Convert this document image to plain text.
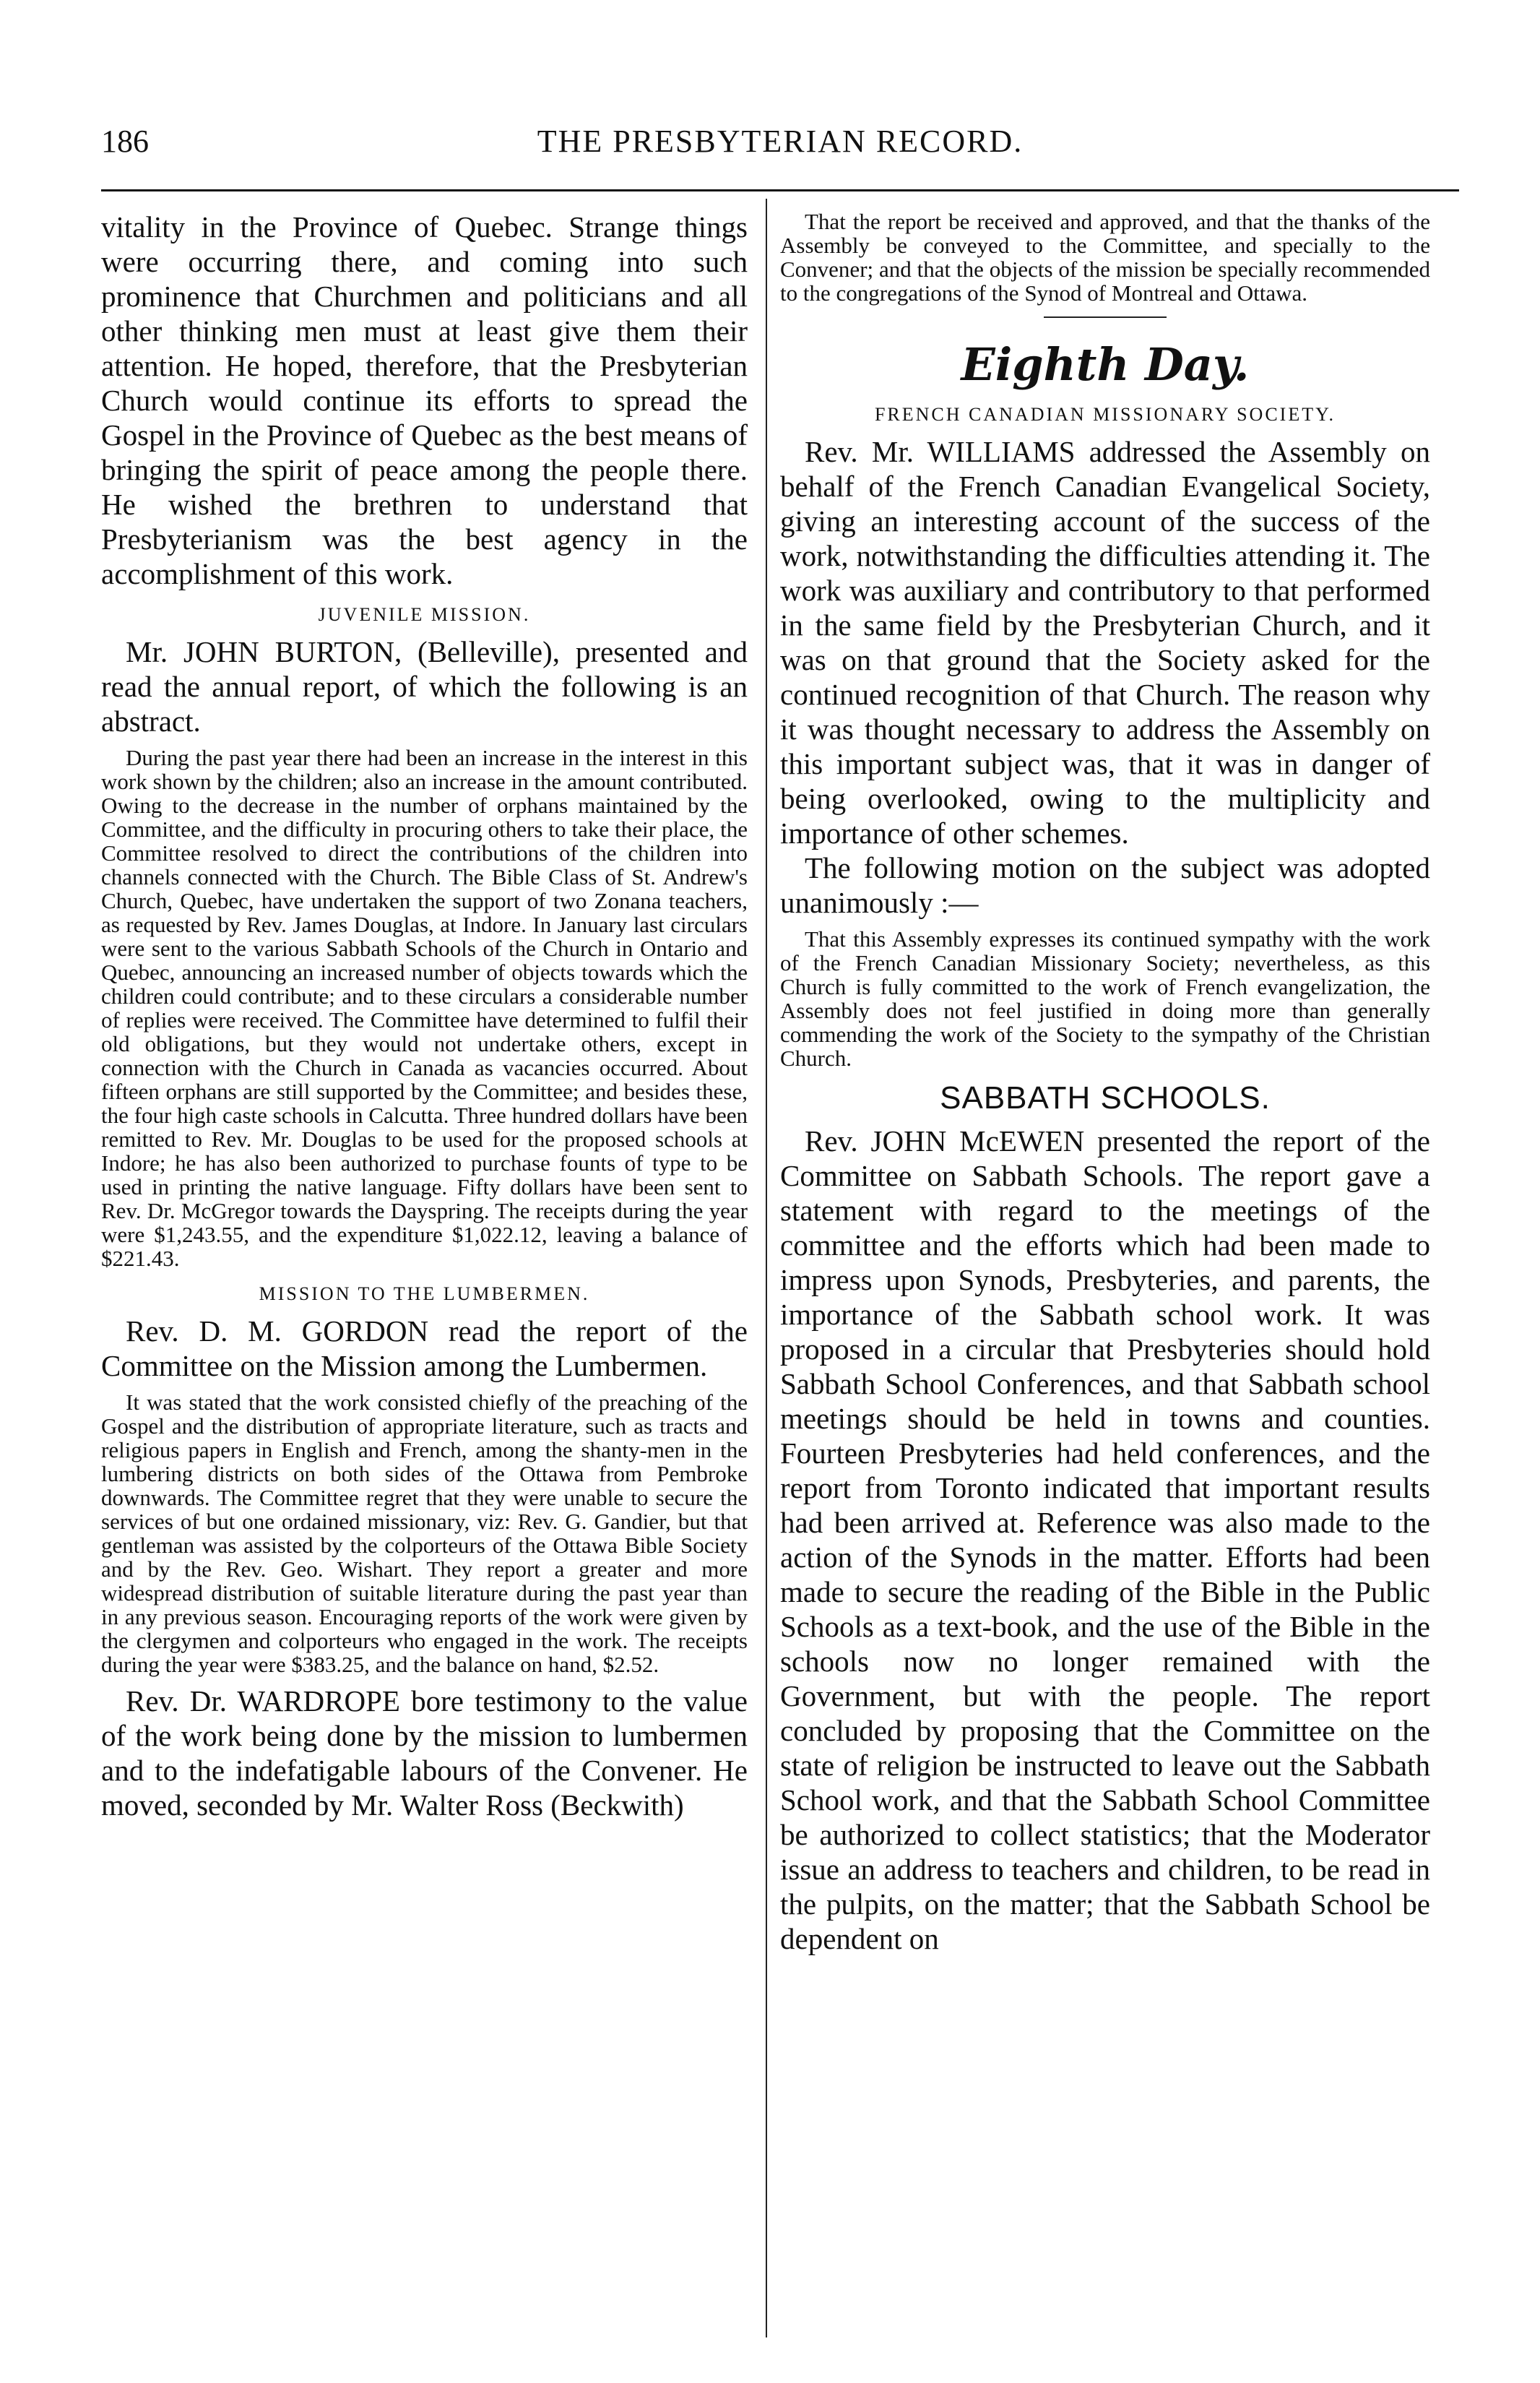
THE PRESBYTERIAN RECORD.
186

vitality in the Province of Quebec. Strange things were occurring there, and coming into such prominence that Churchmen and politicians and all other thinking men must at least give them their attention. He hoped, therefore, that the Presbyterian Church would continue its efforts to spread the Gospel in the Province of Quebec as the best means of bringing the spirit of peace among the people there. He wished the brethren to understand that Presbyterianism was the best agency in the accomplishment of this work.

JUVENILE MISSION.

Mr. JOHN BURTON, (Belleville), presented and read the annual report, of which the following is an abstract.

During the past year there had been an increase in the interest in this work shown by the children; also an increase in the amount contributed. Owing to the decrease in the number of orphans maintained by the Committee, and the difficulty in procuring others to take their place, the Committee resolved to direct the contributions of the children into channels connected with the Church. The Bible Class of St. Andrew's Church, Quebec, have undertaken the support of two Zonana teachers, as requested by Rev. James Douglas, at Indore. In January last circulars were sent to the various Sabbath Schools of the Church in Ontario and Quebec, announcing an increased number of objects towards which the children could contribute; and to these circulars a considerable number of replies were received. The Committee have determined to fulfil their old obligations, but they would not undertake others, except in connection with the Church in Canada as vacancies occurred. About fifteen orphans are still supported by the Committee; and besides these, the four high caste schools in Calcutta. Three hundred dollars have been remitted to Rev. Mr. Douglas to be used for the proposed schools at Indore; he has also been authorized to purchase founts of type to be used in printing the native language. Fifty dollars have been sent to Rev. Dr. McGregor towards the Dayspring. The receipts during the year were $1,243.55, and the expenditure $1,022.12, leaving a balance of $221.43.

MISSION TO THE LUMBERMEN.

Rev. D. M. GORDON read the report of the Committee on the Mission among the Lumbermen.

It was stated that the work consisted chiefly of the preaching of the Gospel and the distribution of appropriate literature, such as tracts and religious papers in English and French, among the shanty-men in the lumbering districts on both sides of the Ottawa from Pembroke downwards. The Committee regret that they were unable to secure the services of but one ordained missionary, viz: Rev. G. Gandier, but that gentleman was assisted by the colporteurs of the Ottawa Bible Society and by the Rev. Geo. Wishart. They report a greater and more widespread distribution of suitable literature during the past year than in any previous season. Encouraging reports of the work were given by the clergymen and colporteurs who engaged in the work. The receipts during the year were $383.25, and the balance on hand, $2.52.

Rev. Dr. WARDROPE bore testimony to the value of the work being done by the mission to lumbermen and to the indefatigable labours of the Convener. He moved, seconded by Mr. Walter Ross (Beckwith)

That the report be received and approved, and that the thanks of the Assembly be conveyed to the Committee, and specially to the Convener; and that the objects of the mission be specially recommended to the congregations of the Synod of Montreal and Ottawa.

Eighth Day.
FRENCH CANADIAN MISSIONARY SOCIETY.

Rev. Mr. WILLIAMS addressed the Assembly on behalf of the French Canadian Evangelical Society, giving an interesting account of the success of the work, notwithstanding the difficulties attending it. The work was auxiliary and contributory to that performed in the same field by the Presbyterian Church, and it was on that ground that the Society asked for the continued recognition of that Church. The reason why it was thought necessary to address the Assembly on this important subject was, that it was in danger of being overlooked, owing to the multiplicity and importance of other schemes.

The following motion on the subject was adopted unanimously :—

That this Assembly expresses its continued sympathy with the work of the French Canadian Missionary Society; nevertheless, as this Church is fully committed to the work of French evangelization, the Assembly does not feel justified in doing more than generally commending the work of the Society to the sympathy of the Christian Church.

SABBATH SCHOOLS.

Rev. JOHN McEWEN presented the report of the Committee on Sabbath Schools. The report gave a statement with regard to the meetings of the committee and the efforts which had been made to impress upon Synods, Presbyteries, and parents, the importance of the Sabbath school work. It was proposed in a circular that Presbyteries should hold Sabbath School Conferences, and that Sabbath school meetings should be held in towns and counties. Fourteen Presbyteries had held conferences, and the report from Toronto indicated that important results had been arrived at. Reference was also made to the action of the Synods in the matter. Efforts had been made to secure the reading of the Bible in the Public Schools as a text-book, and the use of the Bible in the schools now no longer remained with the Government, but with the people. The report concluded by proposing that the Committee on the state of religion be instructed to leave out the Sabbath School work, and that the Sabbath School Committee be authorized to collect statistics; that the Moderator issue an address to teachers and children, to be read in the pulpits, on the matter; that the Sabbath School be dependent on
